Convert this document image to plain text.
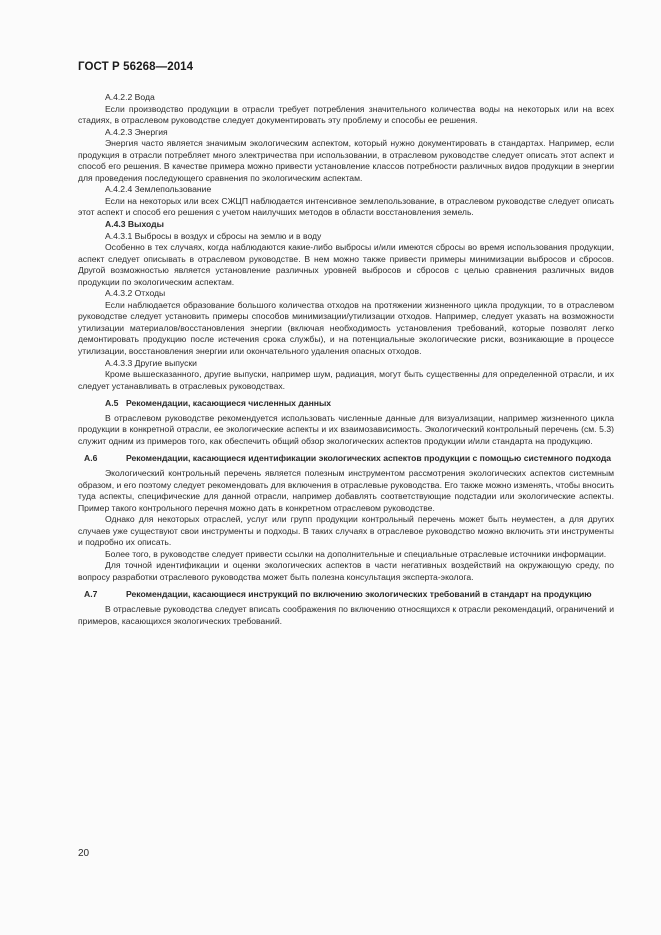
ГОСТ Р 56268—2014

А.4.2.2 Вода

Если производство продукции в отрасли требует потребления значительного количества воды на некоторых или на всех стадиях, в отраслевом руководстве следует документировать эту проблему и способы ее решения.

А.4.2.3 Энергия

Энергия часто является значимым экологическим аспектом, который нужно документировать в стандартах. Например, если продукция в отрасли потребляет много электричества при использовании, в отраслевом руководстве следует описать этот аспект и способ его решения. В качестве примера можно привести установление классов потребности различных видов продукции в энергии для проведения последующего сравнения по экологическим аспектам.

А.4.2.4 Землепользование

Если на некоторых или всех СЖЦП наблюдается интенсивное землепользование, в отраслевом руководстве следует описать этот аспект и способ его решения с учетом наилучших методов в области восстановления земель.

А.4.3 Выходы

А.4.3.1 Выбросы в воздух и сбросы на землю и в воду

Особенно в тех случаях, когда наблюдаются какие-либо выбросы и/или имеются сбросы во время использования продукции, аспект следует описывать в отраслевом руководстве. В нем можно также привести примеры минимизации выбросов и сбросов. Другой возможностью является установление различных уровней выбросов и сбросов с целью сравнения различных видов продукции по экологическим аспектам.

А.4.3.2 Отходы

Если наблюдается образование большого количества отходов на протяжении жизненного цикла продукции, то в отраслевом руководстве следует установить примеры способов минимизации/утилизации отходов. Например, следует указать на возможности утилизации материалов/восстановления энергии (включая необходимость установления требований, которые позволят легко демонтировать продукцию после истечения срока службы), и на потенциальные экологические риски, возникающие в процессе утилизации, восстановления энергии или окончательного удаления опасных отходов.

А.4.3.3 Другие выпуски

Кроме вышесказанного, другие выпуски, например шум, радиация, могут быть существенны для определенной отрасли, и их следует устанавливать в отраслевых руководствах.

А.5 Рекомендации, касающиеся численных данных

В отраслевом руководстве рекомендуется использовать численные данные для визуализации, например жизненного цикла продукции в конкретной отрасли, ее экологические аспекты и их взаимозависимость. Экологический контрольный перечень (см. 5.3) служит одним из примеров того, как обеспечить общий обзор экологических аспектов продукции и/или стандарта на продукцию.

А.6	Рекомендации, касающиеся идентификации экологических аспектов продукции с помощью системного подхода

Экологический контрольный перечень является полезным инструментом рассмотрения экологических аспектов системным образом, и его поэтому следует рекомендовать для включения в отраслевые руководства. Его также можно изменять, чтобы вносить туда аспекты, специфические для данной отрасли, например добавлять соответствующие подстадии или экологические аспекты. Пример такого контрольного перечня можно дать в конкретном отраслевом руководстве.

Однако для некоторых отраслей, услуг или групп продукции контрольный перечень может быть неуместен, а для других случаев уже существуют свои инструменты и подходы. В таких случаях в отраслевое руководство можно включить эти инструменты и подробно их описать.

Более того, в руководстве следует привести ссылки на дополнительные и специальные отраслевые источники информации.

Для точной идентификации и оценки экологических аспектов в части негативных воздействий на окружающую среду, по вопросу разработки отраслевого руководства может быть полезна консультация эксперта-эколога.

А.7	Рекомендации, касающиеся инструкций по включению экологических требований в стандарт на продукцию

В отраслевые руководства следует вписать соображения по включению относящихся к отрасли рекомендаций, ограничений и примеров, касающихся экологических требований.

20
